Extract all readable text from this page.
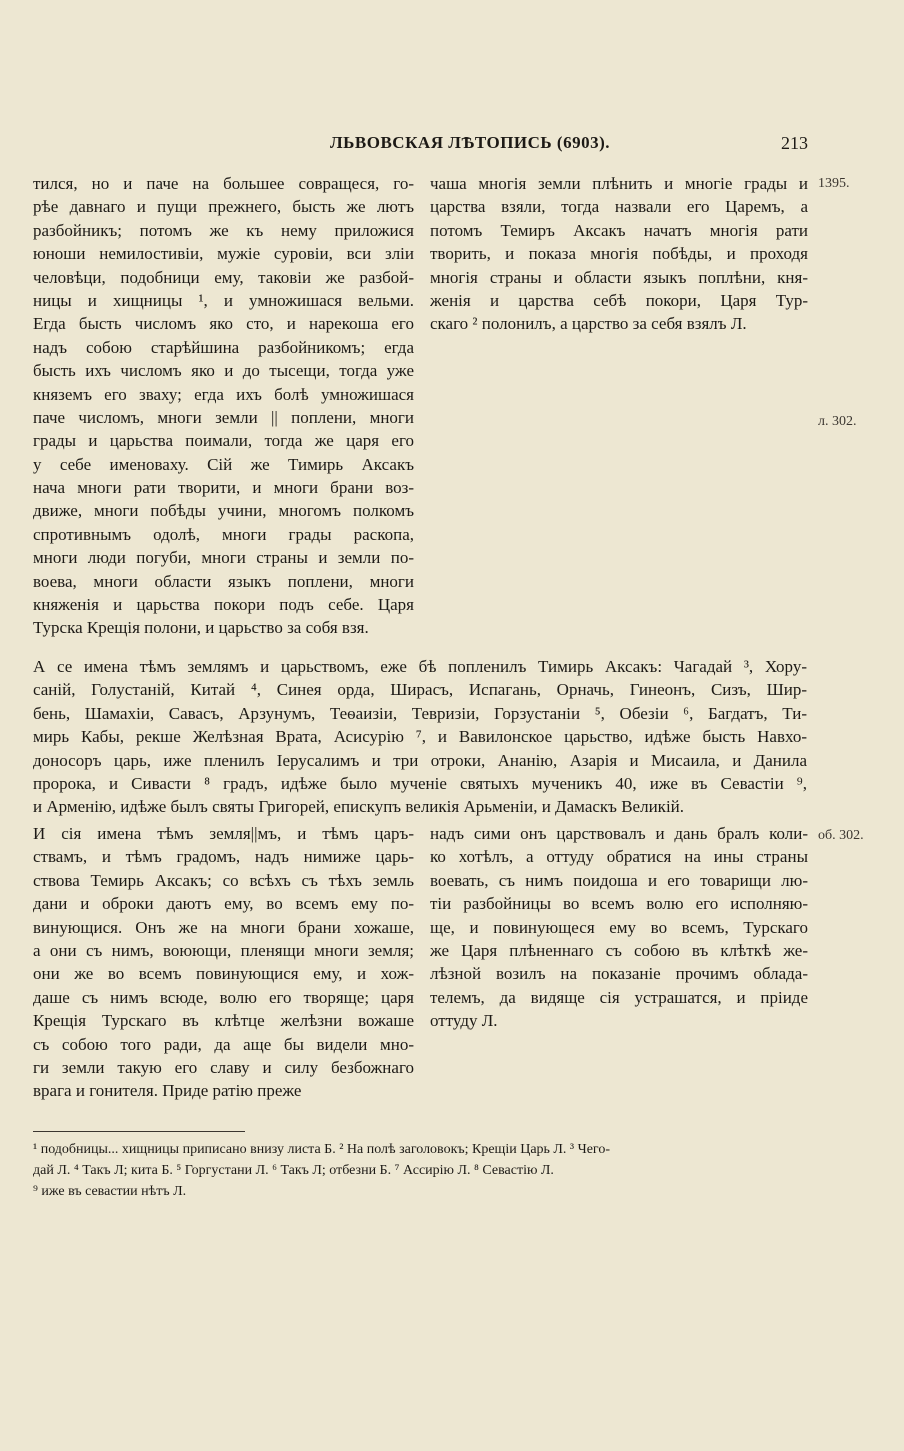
ЛЬВОВСКАЯ ЛѢТОПИСЬ (6903).	213
тился, но и паче на большее совращеся, го-
рѣе давнаго и пущи прежнего, бысть же лютъ
разбойникъ; потомъ же къ нему приложися
юноши немилостивіи, мужіе суровіи, вси зліи
человѣци, подобници ему, таковіи же разбой-
ницы и хищницы ¹, и умножишася вельми.
Егда бысть числомъ яко сто, и нарекоша его
надъ собою старѣйшина разбойникомъ; егда
бысть ихъ числомъ яко и до тысещи, тогда уже
княземъ его зваху; егда ихъ болѣ умножишася
паче числомъ, многи земли || поплени, многи
грады и царьства поимали, тогда же царя его
у себе именоваху. Сій же Тимирь Аксакъ
нача многи рати творити, и многи брани воз-
движе, многи побѣды учини, многомъ полкомъ
спротивнымъ одолѣ, многи грады раскопа,
многи люди погуби, многи страны и земли по-
воева, многи области языкъ поплени, многи
княженія и царьства покори подъ себе. Царя
Турска Крещія полони, и царьство за собя взя.
чаша многія земли плѣнить и многіе грады и
царства взяли, тогда назвали его Царемъ, а
потомъ Темиръ Аксакъ начатъ многія рати
творить, и показа многія побѣды, и проходя
многія страны и области языкъ поплѣни, кня-
женія и царства себѣ покори, Царя Тур-
скаго ² полонилъ, а царство за себя взялъ Л.
1395.
л. 302.
А се имена тѣмъ землямъ и царьствомъ, еже бѣ попленилъ Тимирь Аксакъ: Чагадай ³, Хору-
саній, Голустаній, Китай ⁴, Синея орда, Ширасъ, Испагань, Орначь, Гинеонъ, Сизъ, Шир-
бень, Шамахіи, Савасъ, Арзунумъ, Теѳаизіи, Тевризіи, Горзустаніи ⁵, Обезіи ⁶, Багдатъ, Ти-
мирь Кабы, рекше Желѣзная Врата, Асисурію ⁷, и Вавилонское царьство, идѣже бысть Навхо-
доносоръ царь, иже пленилъ Іерусалимъ и три отроки, Ананію, Азарія и Мисаила, и Данила
пророка, и Сивасти ⁸ градъ, идѣже было мученіе святыхъ мученикъ 40, иже въ Севастіи ⁹,
и Арменію, идѣже былъ святы Григорей, епискупъ великія Арьменіи, и Дамаскъ Великій.
И сія имена тѣмъ земля||мъ, и тѣмъ царъ-
ствамъ, и тѣмъ градомъ, надъ нимиже царь-
ствова Темирь Аксакъ; со всѣхъ съ тѣхъ земль
дани и оброки даютъ ему, во всемъ ему по-
винующися. Онъ же на многи брани хожаше,
а они съ нимъ, воюющи, пленящи многи земля;
они же во всемъ повинующися ему, и хож-
даше съ нимъ всюде, волю его творяще; царя
Крещія Турскаго въ клѣтце желѣзни вожаше
съ собою того ради, да аще бы видели мно-
ги земли такую его славу и силу безбожнаго
врага и гонителя. Приде ратію преже
надъ сими онъ царствовалъ и дань бралъ коли-
ко хотѣлъ, а оттуду обратися на ины страны
воевать, съ нимъ поидоша и его товарищи лю-
тіи разбойницы во всемъ волю его исполняю-
ще, и повинующеся ему во всемъ, Турскаго
же Царя плѣненнаго съ собою въ клѣткѣ же-
лѣзной возилъ на показаніе прочимъ облада-
телемъ, да видяще сія устрашатся, и пріиде
оттуду Л.
об. 302.
¹ подобницы... хищницы приписано внизу листа Б. ² На полѣ заголовокъ; Крещіи Царь Л. ³ Чего-
дай Л. ⁴ Такъ Л; кита Б. ⁵ Горгустани Л. ⁶ Такъ Л; отбезни Б. ⁷ Ассирію Л. ⁸ Севастію Л.
⁹ иже въ севастии нѣтъ Л.
